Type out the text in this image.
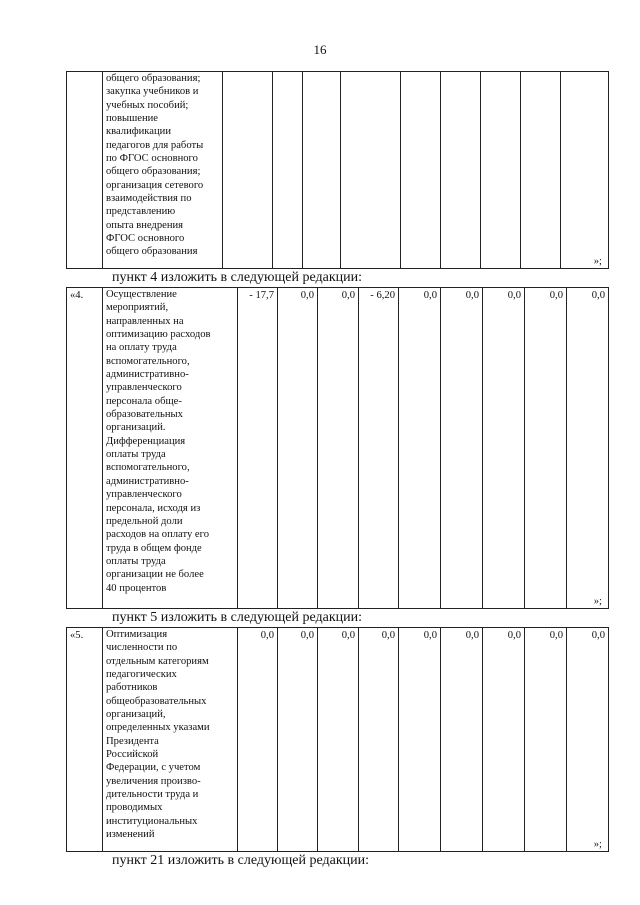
16

общего образования;
закупка учебников и
учебных пособий;
повышение
квалификации
педагогов для работы
по ФГОС основного
общего образования;
организация сетевого
взаимодействия по
представлению
опыта внедрения
ФГОС основного
общего образования

»;
пункт 4 изложить в следующей редакции:
«4.	Осуществление
мероприятий,
направленных на
оптимизацию расходов
на оплату труда
вспомогательного,
административно-
управленческого
персонала обще-
образовательных
организаций.
Дифференциация
оплаты труда
вспомогательного,
административно-
управленческого
персонала, исходя из
предельной доли
расходов на оплату его
труда в общем фонде
оплаты труда
организации не более
40 процентов
	- 17,7	0,0	0,0	- 6,20	0,0	0,0	0,0	0,0	0,0
»;
пункт 5 изложить в следующей редакции:
«5.	Оптимизация
численности по
отдельным категориям
педагогических
работников
общеобразовательных
организаций,
определенных указами
Президента
Российской
Федерации, с учетом
увеличения произво-
дительности труда и
проводимых
институциональных
изменений
	0,0	0,0	0,0	0,0	0,0	0,0	0,0	0,0	0,0
»;
пункт 21 изложить в следующей редакции:
